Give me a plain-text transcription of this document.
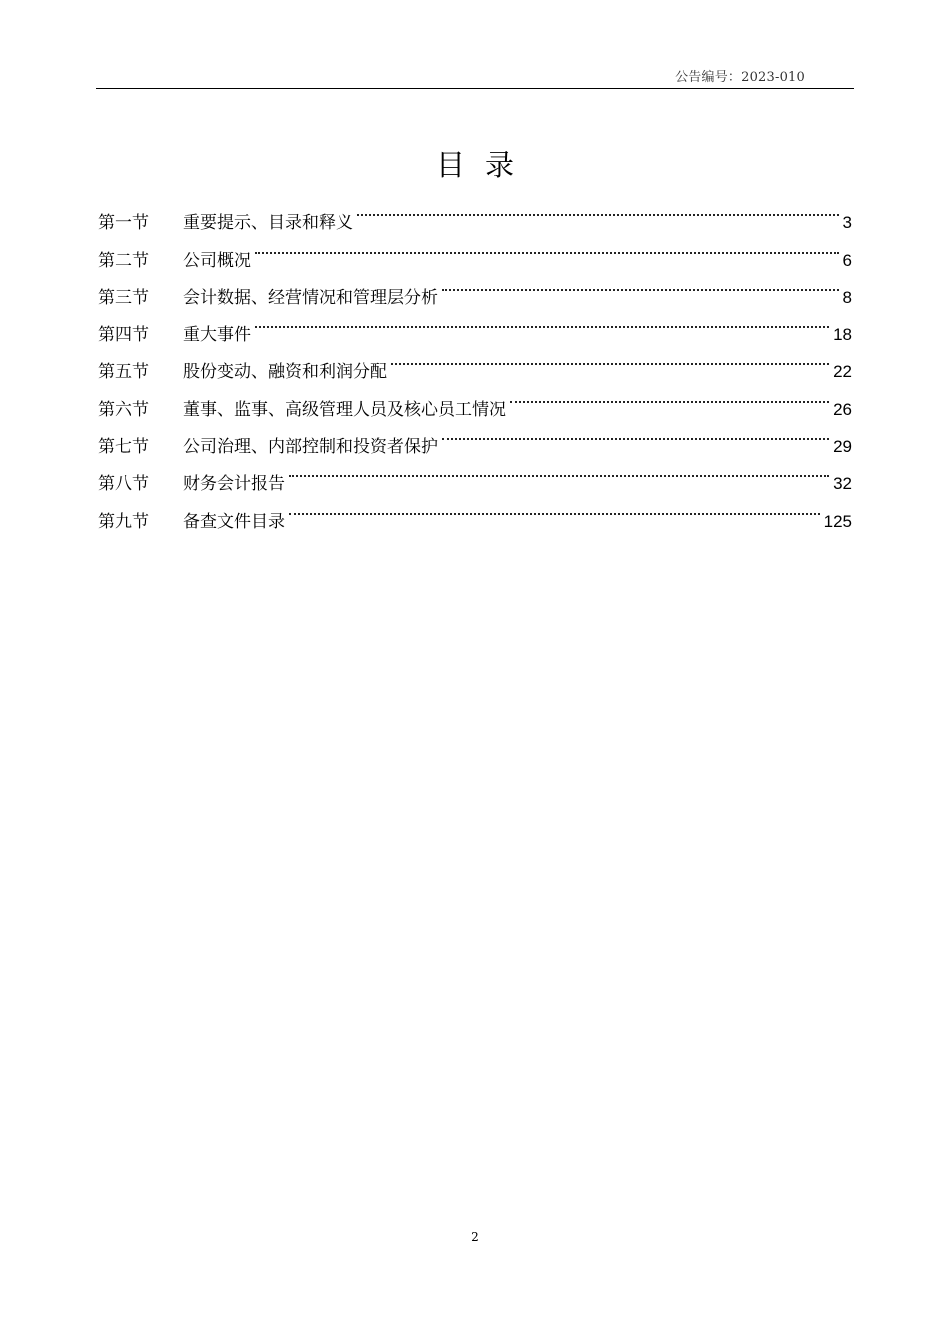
公告编号：2023-010
目录
第一节	重要提示、目录和释义	3
第二节	公司概况	6
第三节	会计数据、经营情况和管理层分析	8
第四节	重大事件	18
第五节	股份变动、融资和利润分配	22
第六节	董事、监事、高级管理人员及核心员工情况	26
第七节	公司治理、内部控制和投资者保护	29
第八节	财务会计报告	32
第九节	备查文件目录	125
2
